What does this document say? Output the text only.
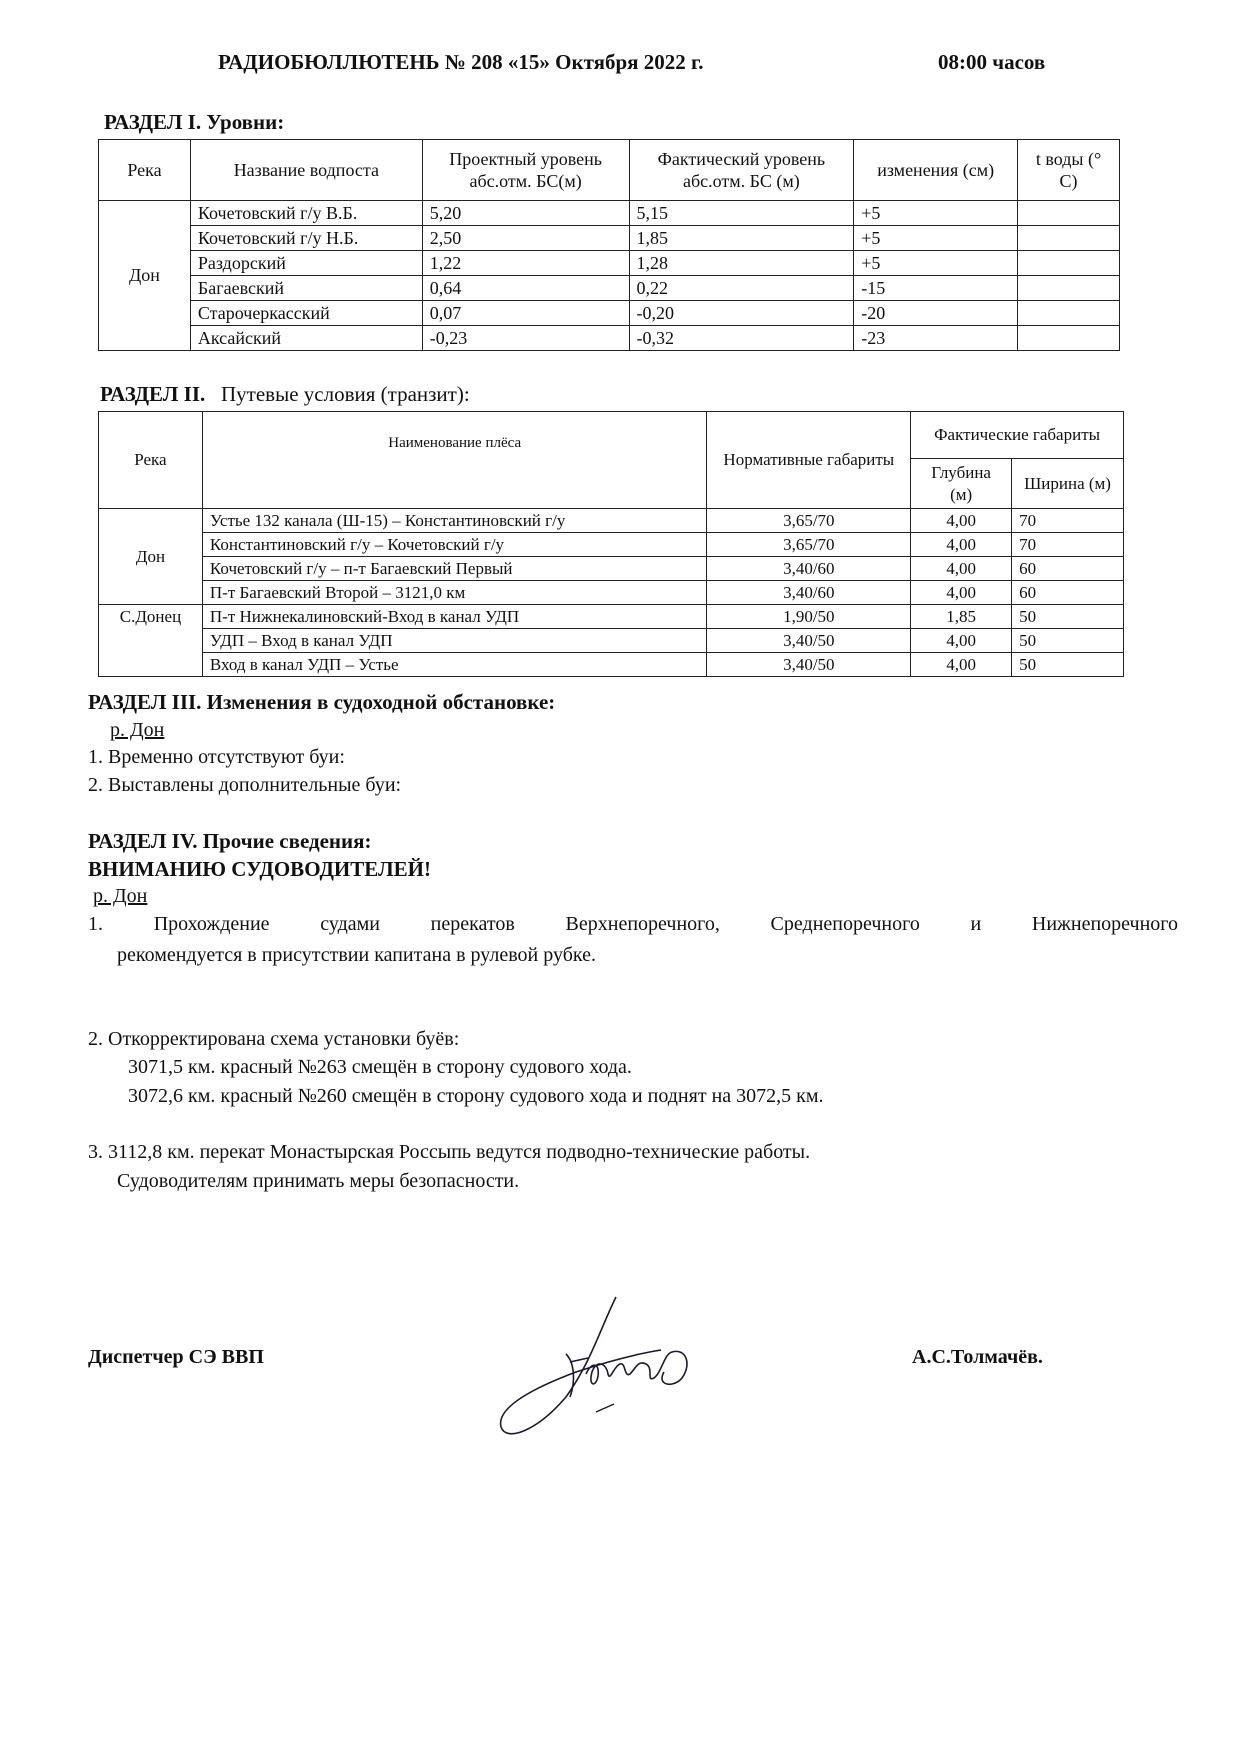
РАДИОБЮЛЛЮТЕНЬ № 208 «15» Октября 2022 г.	08:00 часов
РАЗДЕЛ I. Уровни:
Река	Название водпоста	Проектный уровень абс.отм. БС(м)	Фактический уровень абс.отм. БС (м)	изменения (см)	t воды (° С)
Дон	Кочетовский г/у В.Б.	5,20	5,15	+5	
	Кочетовский г/у Н.Б.	2,50	1,85	+5	
	Раздорский	1,22	1,28	+5	
	Багаевский	0,64	0,22	-15	
	Старочеркасский	0,07	-0,20	-20	
	Аксайский	-0,23	-0,32	-23	
РАЗДЕЛ II. Путевые условия (транзит):
Река	Наименование плёса	Нормативные габариты	Фактические габариты	
			Глубина (м)	Ширина (м)
Дон	Устье 132 канала (Ш-15) – Константиновский г/у	3,65/70	4,00	70
	Константиновский г/у – Кочетовский г/у	3,65/70	4,00	70
	Кочетовский г/у – п-т Багаевский Первый	3,40/60	4,00	60
	П-т Багаевский Второй – 3121,0 км	3,40/60	4,00	60
С.Донец	П-т Нижнекалиновский-Вход в канал УДП	1,90/50	1,85	50
	УДП – Вход в канал УДП	3,40/50	4,00	50
	Вход в канал УДП – Устье	3,40/50	4,00	50
РАЗДЕЛ III. Изменения в судоходной обстановке:
р. Дон
1. Временно отсутствуют буи:
2. Выставлены дополнительные буи:
РАЗДЕЛ IV. Прочие сведения:
ВНИМАНИЮ СУДОВОДИТЕЛЕЙ!
р. Дон
1. Прохождение судами перекатов Верхнепоречного, Среднепоречного и Нижнепоречного
рекомендуется в присутствии капитана в рулевой рубке.
2. Откорректирована схема установки буёв:
3071,5 км. красный №263 смещён в сторону судового хода.
3072,6 км. красный №260 смещён в сторону судового хода и поднят на 3072,5 км.
3. 3112,8 км. перекат Монастырская Россыпь ведутся подводно-технические работы.
Судоводителям принимать меры безопасности.
Диспетчер СЭ ВВП	А.С.Толмачёв.
